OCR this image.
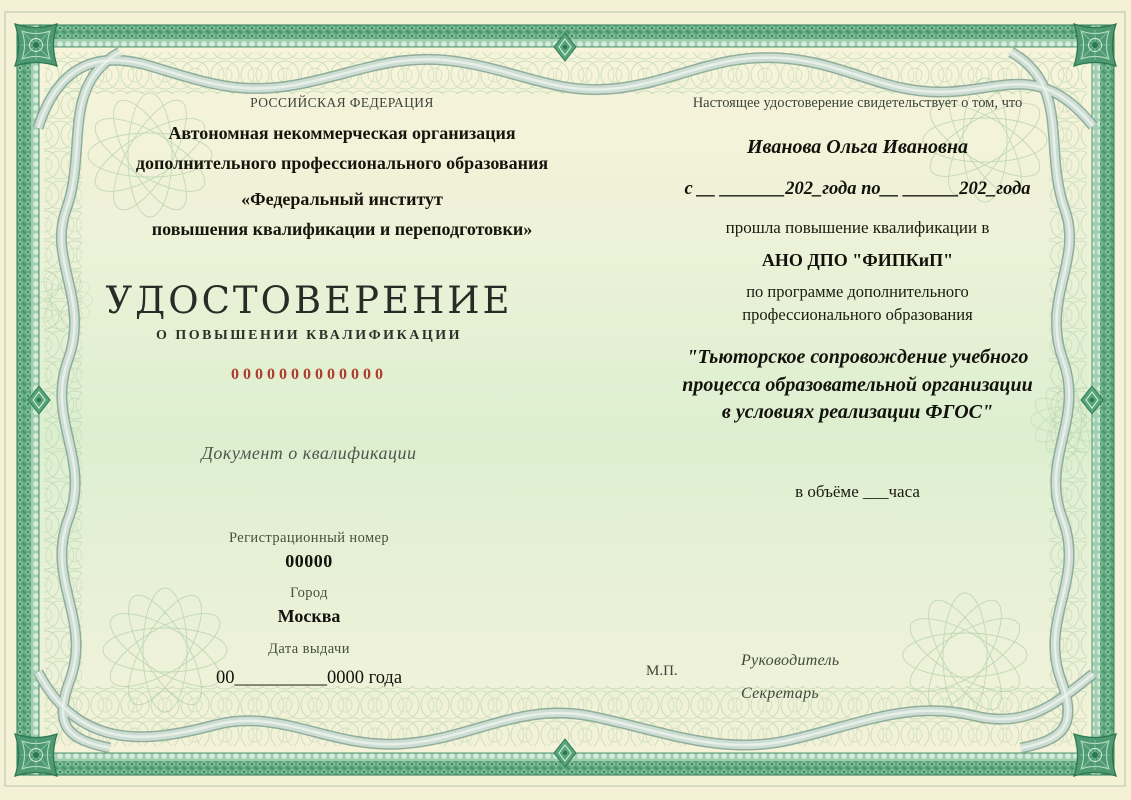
РОССИЙСКАЯ ФЕДЕРАЦИЯ
Автономная некоммерческая организация
дополнительного профессионального образования
«Федеральный институт
повышения квалификации и переподготовки»
УДОСТОВЕРЕНИЕ
О ПОВЫШЕНИИ КВАЛИФИКАЦИИ
0000000000000
Документ о квалификации
Регистрационный номер
00000
Город
Москва
Дата выдачи
00__________0000 года
Настоящее удостоверение свидетельствует о том, что
Иванова Ольга Ивановна
с __ _______202_года по__ ______202_года
прошла повышение квалификации в
АНО ДПО "ФИПКиП"
по программе дополнительного
профессионального образования
"Тьюторское сопровождение учебного
процесса образовательной организации
в условиях реализации ФГОС"
в объёме ___часа
М.П.
Руководитель
Секретарь
